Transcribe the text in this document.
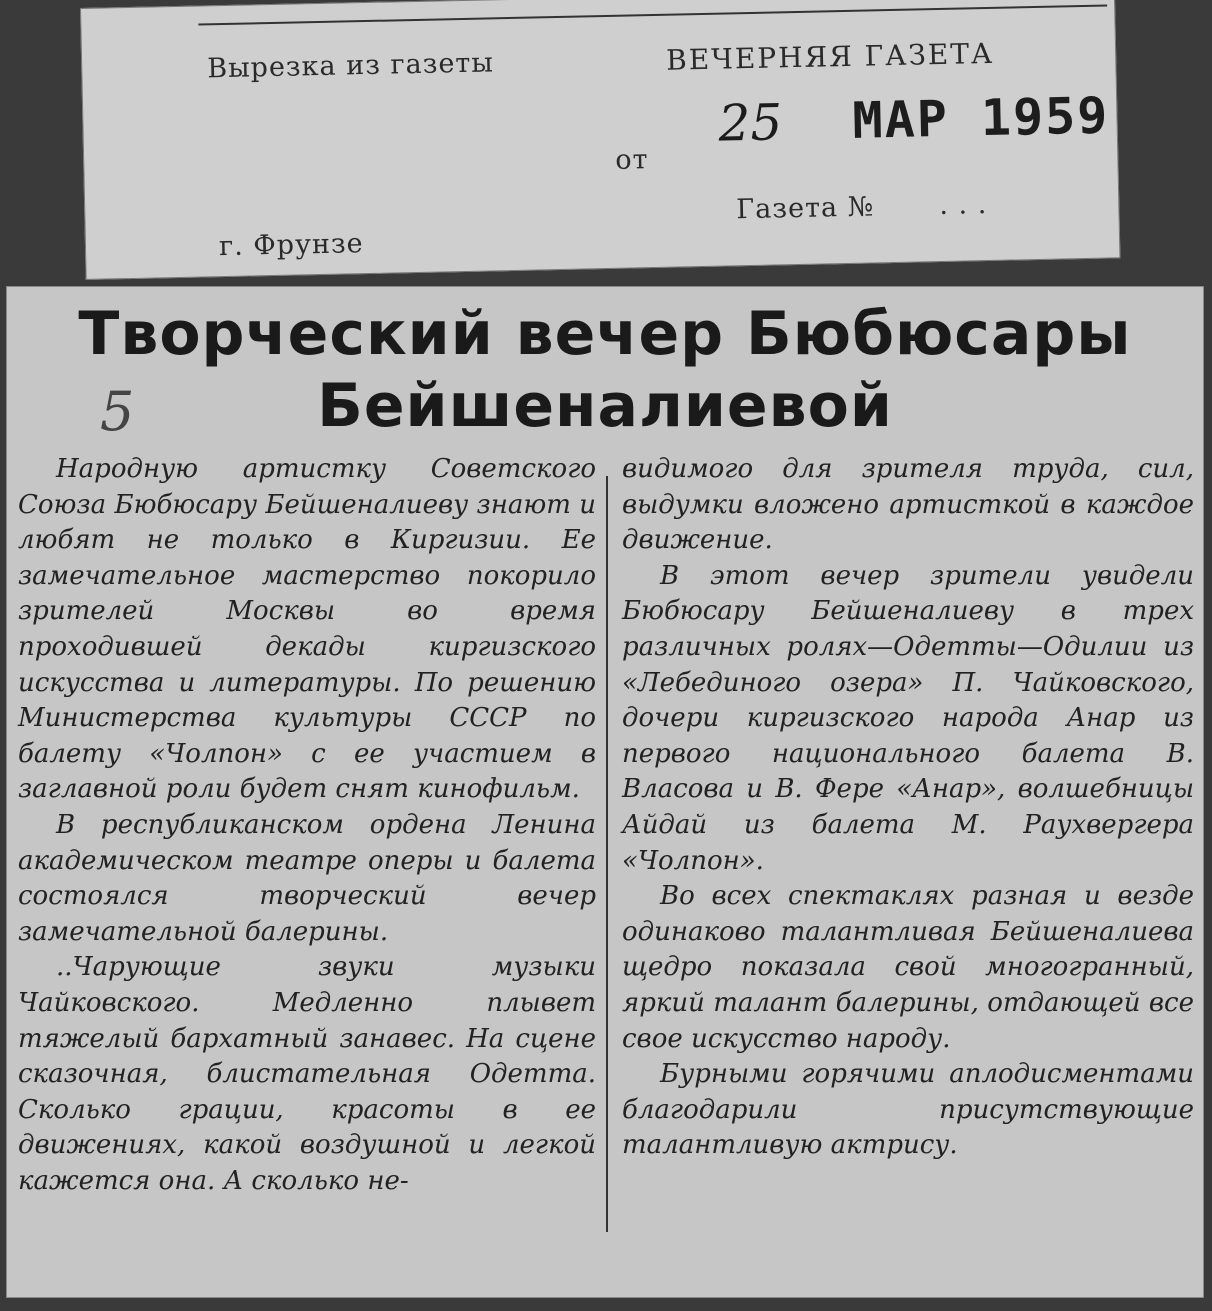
Вырезка из газеты	ВЕЧЕРНЯЯ ГАЗЕТА
от
25 МАР 1959
Газета № . . .
г. Фрунзе
Творческий вечер Бюбюсары
Бейшеналиевой

Народную артистку Советского Союза Бюбюсару Бейшеналиеву знают и любят не только в Киргизии. Ее замечательное мастерство покорило зрителей Москвы во время проходившей декады киргизского искусства и литературы. По решению Министерства культуры СССР по балету «Чолпон» с ее участием в заглавной роли будет снят кинофильм.

В республиканском ордена Ленина академическом театре оперы и балета состоялся творческий вечер замечательной балерины.

..Чарующие звуки музыки Чайковского. Медленно плывет тяжелый бархатный занавес. На сцене сказочная, блистательная Одетта. Сколько грации, красоты в ее движениях, какой воздушной и легкой кажется она. А сколько не-

видимого для зрителя труда, сил, выдумки вложено артисткой в каждое движение.

В этот вечер зрители увидели Бюбюсару Бейшеналиеву в трех различных ролях—Одетты—Одилии из «Лебединого озера» П. Чайковского, дочери киргизского народа Анар из первого национального балета В. Власова и В. Фере «Анар», волшебницы Айдай из балета М. Раухвергера «Чолпон».

Во всех спектаклях разная и везде одинаково талантливая Бейшеналиева щедро показала свой многогранный, яркий талант балерины, отдающей все свое искусство народу.

Бурными горячими аплодисментами благодарили присутствующие талантливую актрису.

5
